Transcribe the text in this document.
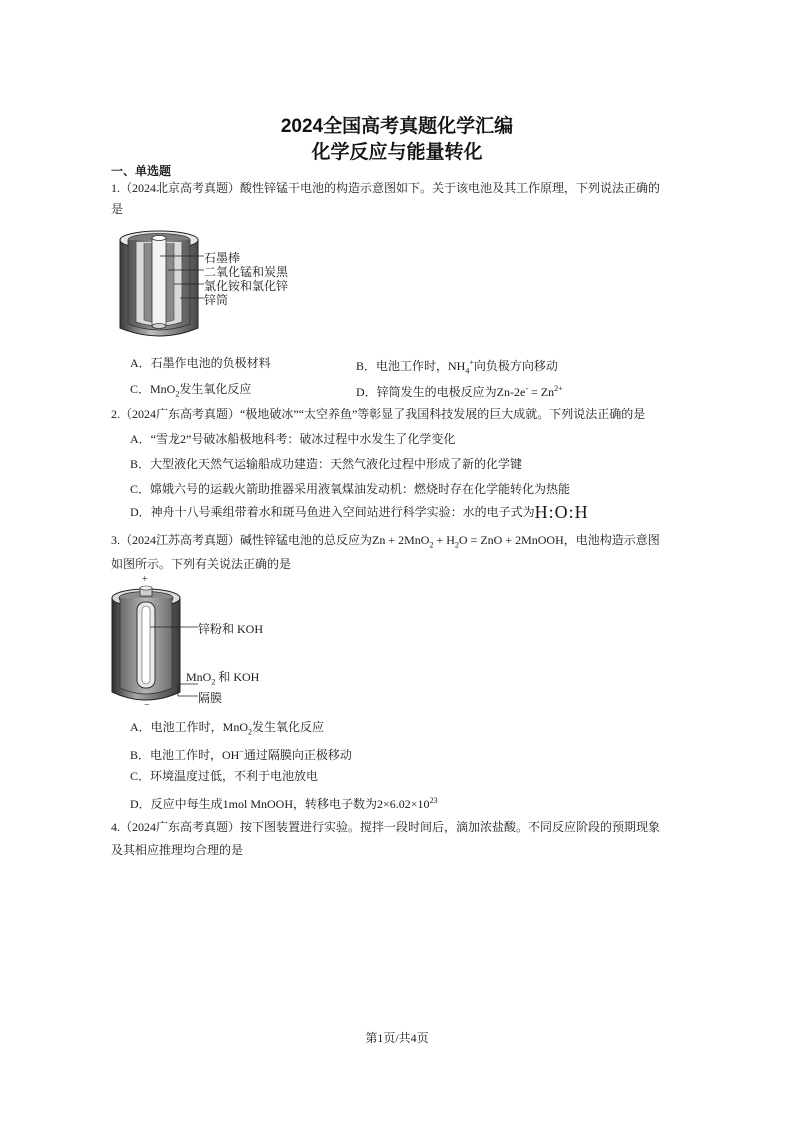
2024全国高考真题化学汇编
化学反应与能量转化
一、单选题
1.（2024北京高考真题）酸性锌锰干电池的构造示意图如下。关于该电池及其工作原理，下列说法正确的
是
石墨棒
二氧化锰和炭黑
氯化铵和氯化锌
锌筒
A．石墨作电池的负极材料	B．电池工作时，$NH_4^+$向负极方向移动
C．MnO$_2$发生氧化反应	D．锌筒发生的电极反应为$Zn-2e^- = Zn^{2+}$
2.（2024广东高考真题）“极地破冰”“太空养鱼”等彰显了我国科技发展的巨大成就。下列说法正确的是
A．“雪龙2”号破冰船极地科考：破冰过程中水发生了化学变化
B．大型液化天然气运输船成功建造：天然气液化过程中形成了新的化学键
C．嫦娥六号的运载火箭助推器采用液氧煤油发动机：燃烧时存在化学能转化为热能
D．神舟十八号乘组带着水和斑马鱼进入空间站进行科学实验：水的电子式为H:O:H
3.（2024江苏高考真题）碱性锌锰电池的总反应为$Zn + 2MnO_2 + H_2O$ = ZnO + 2MnOOH，电池构造示意图
如图所示。下列有关说法正确的是
+
锌粉和 KOH
MnO$_2$ 和 KOH
隔膜
−
A．电池工作时，MnO$_2$发生氧化反应
B．电池工作时，OH−通过隔膜向正极移动
C．环境温度过低，不利于电池放电
D．反应中每生成1mol MnOOH，转移电子数为$2\times 6.02\times 10^{23}$
4.（2024广东高考真题）按下图装置进行实验。搅拌一段时间后，滴加浓盐酸。不同反应阶段的预期现象
及其相应推理均合理的是
第1页/共4页
